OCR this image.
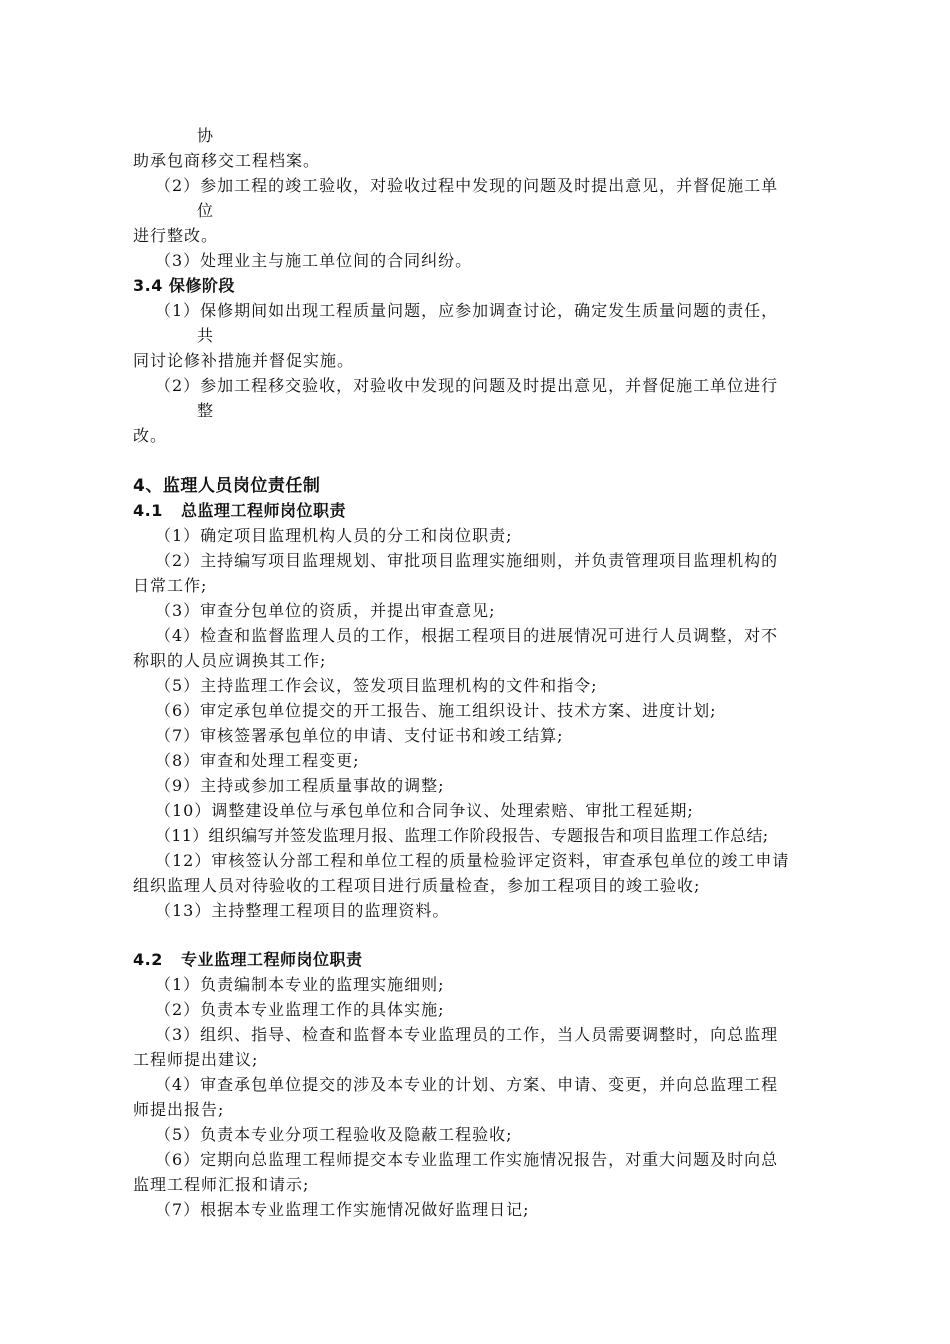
协
助承包商移交工程档案。
（2）参加工程的竣工验收，对验收过程中发现的问题及时提出意见，并督促施工单
位
进行整改。
（3）处理业主与施工单位间的合同纠纷。
3.4 保修阶段
（1）保修期间如出现工程质量问题，应参加调查讨论，确定发生质量问题的责任，
共
同讨论修补措施并督促实施。
（2）参加工程移交验收，对验收中发现的问题及时提出意见，并督促施工单位进行
整
改。
4、监理人员岗位责任制
4.1   总监理工程师岗位职责
（1）确定项目监理机构人员的分工和岗位职责;
（2）主持编写项目监理规划、审批项目监理实施细则，并负责管理项目监理机构的
日常工作;
（3）审查分包单位的资质，并提出审查意见;
（4）检查和监督监理人员的工作，根据工程项目的进展情况可进行人员调整，对不
称职的人员应调换其工作;
（5）主持监理工作会议，签发项目监理机构的文件和指令;
（6）审定承包单位提交的开工报告、施工组织设计、技术方案、进度计划;
（7）审核签署承包单位的申请、支付证书和竣工结算;
（8）审查和处理工程变更;
（9）主持或参加工程质量事故的调整;
（10）调整建设单位与承包单位和合同争议、处理索赔、审批工程延期;
（11）组织编写并签发监理月报、监理工作阶段报告、专题报告和项目监理工作总结;
（12）审核签认分部工程和单位工程的质量检验评定资料，审查承包单位的竣工申请
组织监理人员对待验收的工程项目进行质量检查，参加工程项目的竣工验收;
（13）主持整理工程项目的监理资料。
4.2   专业监理工程师岗位职责
（1）负责编制本专业的监理实施细则;
（2）负责本专业监理工作的具体实施;
（3）组织、指导、检查和监督本专业监理员的工作，当人员需要调整时，向总监理
工程师提出建议;
（4）审查承包单位提交的涉及本专业的计划、方案、申请、变更，并向总监理工程
师提出报告;
（5）负责本专业分项工程验收及隐蔽工程验收;
（6）定期向总监理工程师提交本专业监理工作实施情况报告，对重大问题及时向总
监理工程师汇报和请示;
（7）根据本专业监理工作实施情况做好监理日记;
